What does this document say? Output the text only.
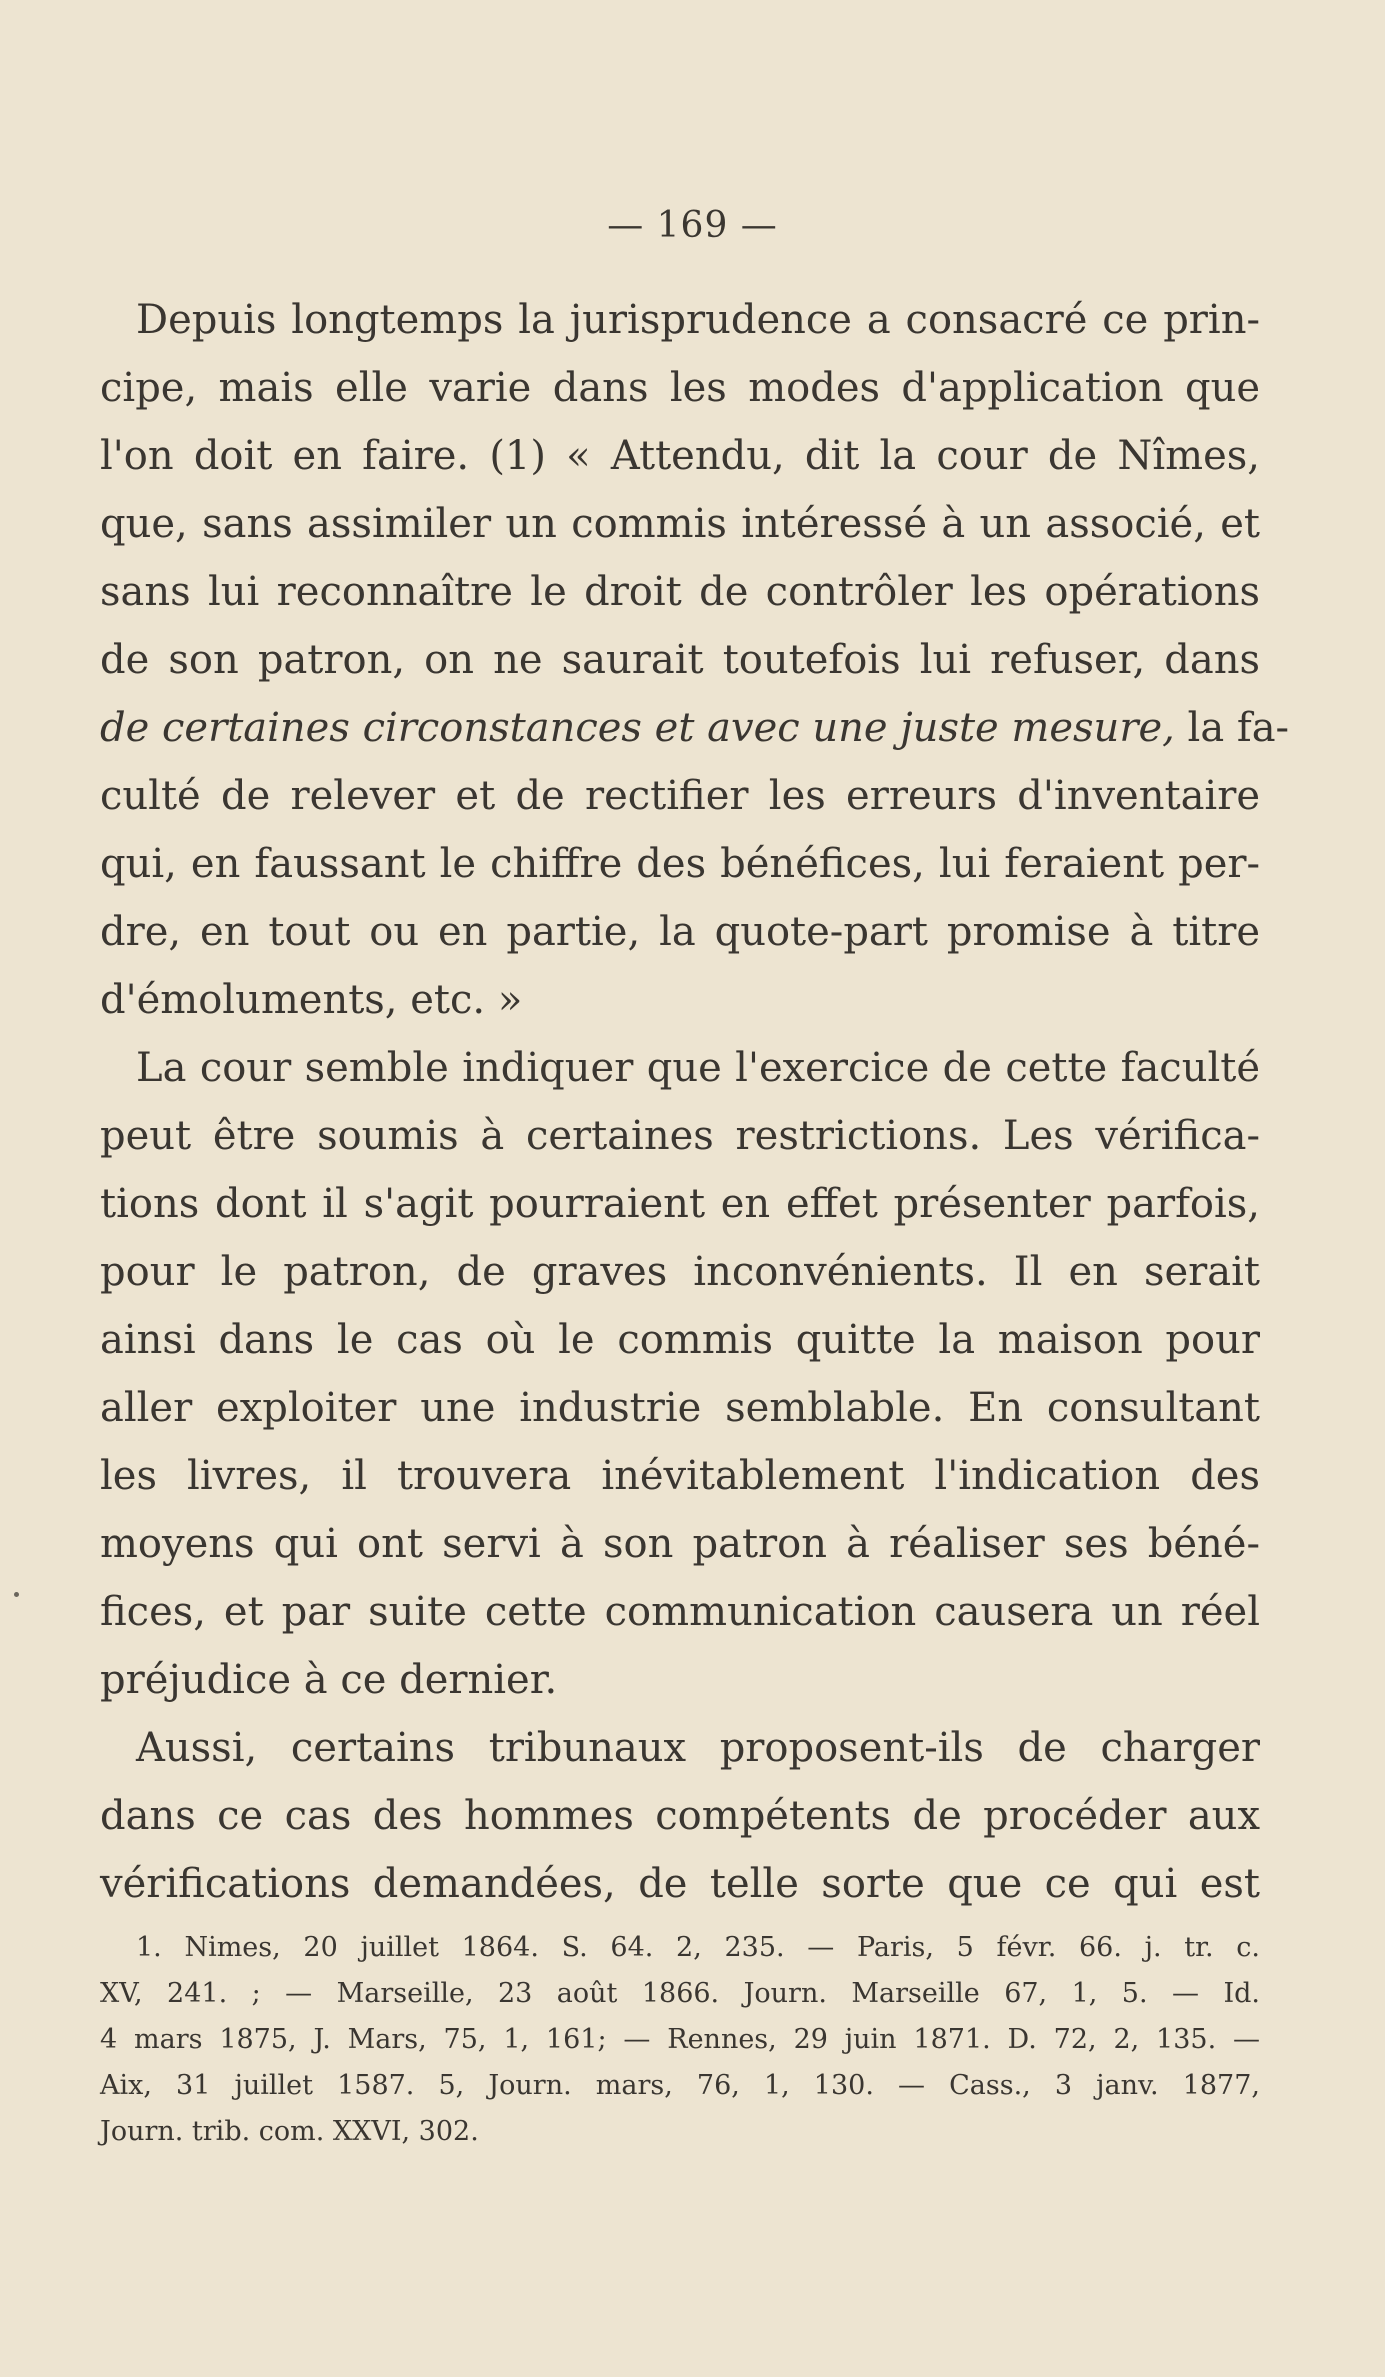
— 169 —
Depuis longtemps la jurisprudence a consacré ce prin-
cipe, mais elle varie dans les modes d'application que
l'on doit en faire. (1) « Attendu, dit la cour de Nîmes,
que, sans assimiler un commis intéressé à un associé, et
sans lui reconnaître le droit de contrôler les opérations
de son patron, on ne saurait toutefois lui refuser, dans
de certaines circonstances et avec une juste mesure, la fa-
culté de relever et de rectifier les erreurs d'inventaire
qui, en faussant le chiffre des bénéfices, lui feraient per-
dre, en tout ou en partie, la quote-part promise à titre
d'émoluments, etc. »
La cour semble indiquer que l'exercice de cette faculté
peut être soumis à certaines restrictions. Les vérifica-
tions dont il s'agit pourraient en effet présenter parfois,
pour le patron, de graves inconvénients. Il en serait
ainsi dans le cas où le commis quitte la maison pour
aller exploiter une industrie semblable. En consultant
les livres, il trouvera inévitablement l'indication des
moyens qui ont servi à son patron à réaliser ses béné-
fices, et par suite cette communication causera un réel
préjudice à ce dernier.
Aussi, certains tribunaux proposent-ils de charger
dans ce cas des hommes compétents de procéder aux
vérifications demandées, de telle sorte que ce qui est
1. Nimes, 20 juillet 1864. S. 64. 2, 235. — Paris, 5 févr. 66. j. tr. c.
XV, 241. ; — Marseille, 23 août 1866. Journ. Marseille 67, 1, 5. — Id.
4 mars 1875, J. Mars, 75, 1, 161; — Rennes, 29 juin 1871. D. 72, 2, 135. —
Aix, 31 juillet 1587. 5, Journ. mars, 76, 1, 130. — Cass., 3 janv. 1877,
Journ. trib. com. XXVI, 302.
